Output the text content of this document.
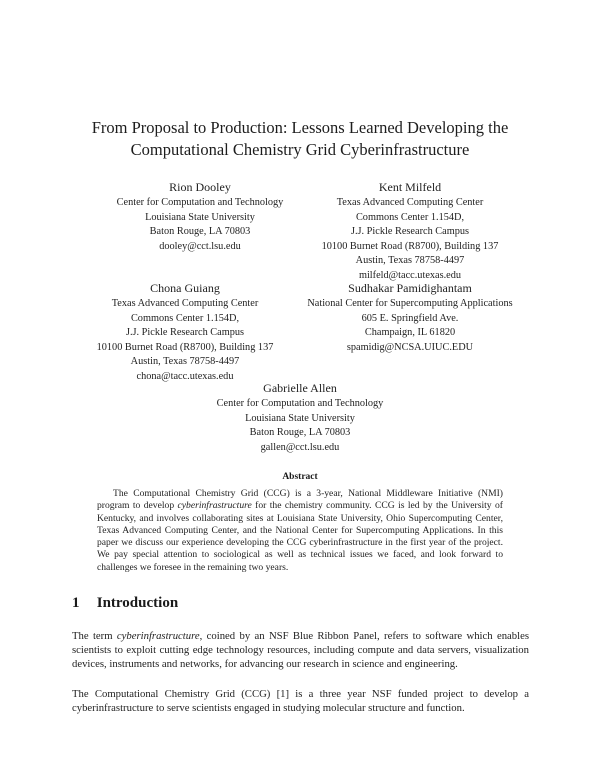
From Proposal to Production: Lessons Learned Developing the
Computational Chemistry Grid Cyberinfrastructure
Rion Dooley
Center for Computation and Technology
Louisiana State University
Baton Rouge, LA 70803
dooley@cct.lsu.edu
Kent Milfeld
Texas Advanced Computing Center
Commons Center 1.154D,
J.J. Pickle Research Campus
10100 Burnet Road (R8700), Building 137
Austin, Texas 78758-4497
milfeld@tacc.utexas.edu
Chona Guiang
Texas Advanced Computing Center
Commons Center 1.154D,
J.J. Pickle Research Campus
10100 Burnet Road (R8700), Building 137
Austin, Texas 78758-4497
chona@tacc.utexas.edu
Sudhakar Pamidighantam
National Center for Supercomputing Applications
605 E. Springfield Ave.
Champaign, IL 61820
spamidig@NCSA.UIUC.EDU
Gabrielle Allen
Center for Computation and Technology
Louisiana State University
Baton Rouge, LA 70803
gallen@cct.lsu.edu
Abstract
The Computational Chemistry Grid (CCG) is a 3-year, National Middleware Initiative (NMI) program to develop cyberinfrastructure for the chemistry community. CCG is led by the University of Kentucky, and involves collaborating sites at Louisiana State University, Ohio Supercomputing Center, Texas Advanced Computing Center, and the National Center for Supercomputing Applications. In this paper we discuss our experience developing the CCG cyberinfrastructure in the first year of the project. We pay special attention to sociological as well as technical issues we faced, and look forward to challenges we foresee in the remaining two years.
1 Introduction
The term cyberinfrastructure, coined by an NSF Blue Ribbon Panel, refers to software which enables scientists to exploit cutting edge technology resources, including compute and data servers, visualization devices, instruments and networks, for advancing our research in science and engineering.
The Computational Chemistry Grid (CCG) [1] is a three year NSF funded project to develop a cyberinfrastructure to serve scientists engaged in studying molecular structure and function.
